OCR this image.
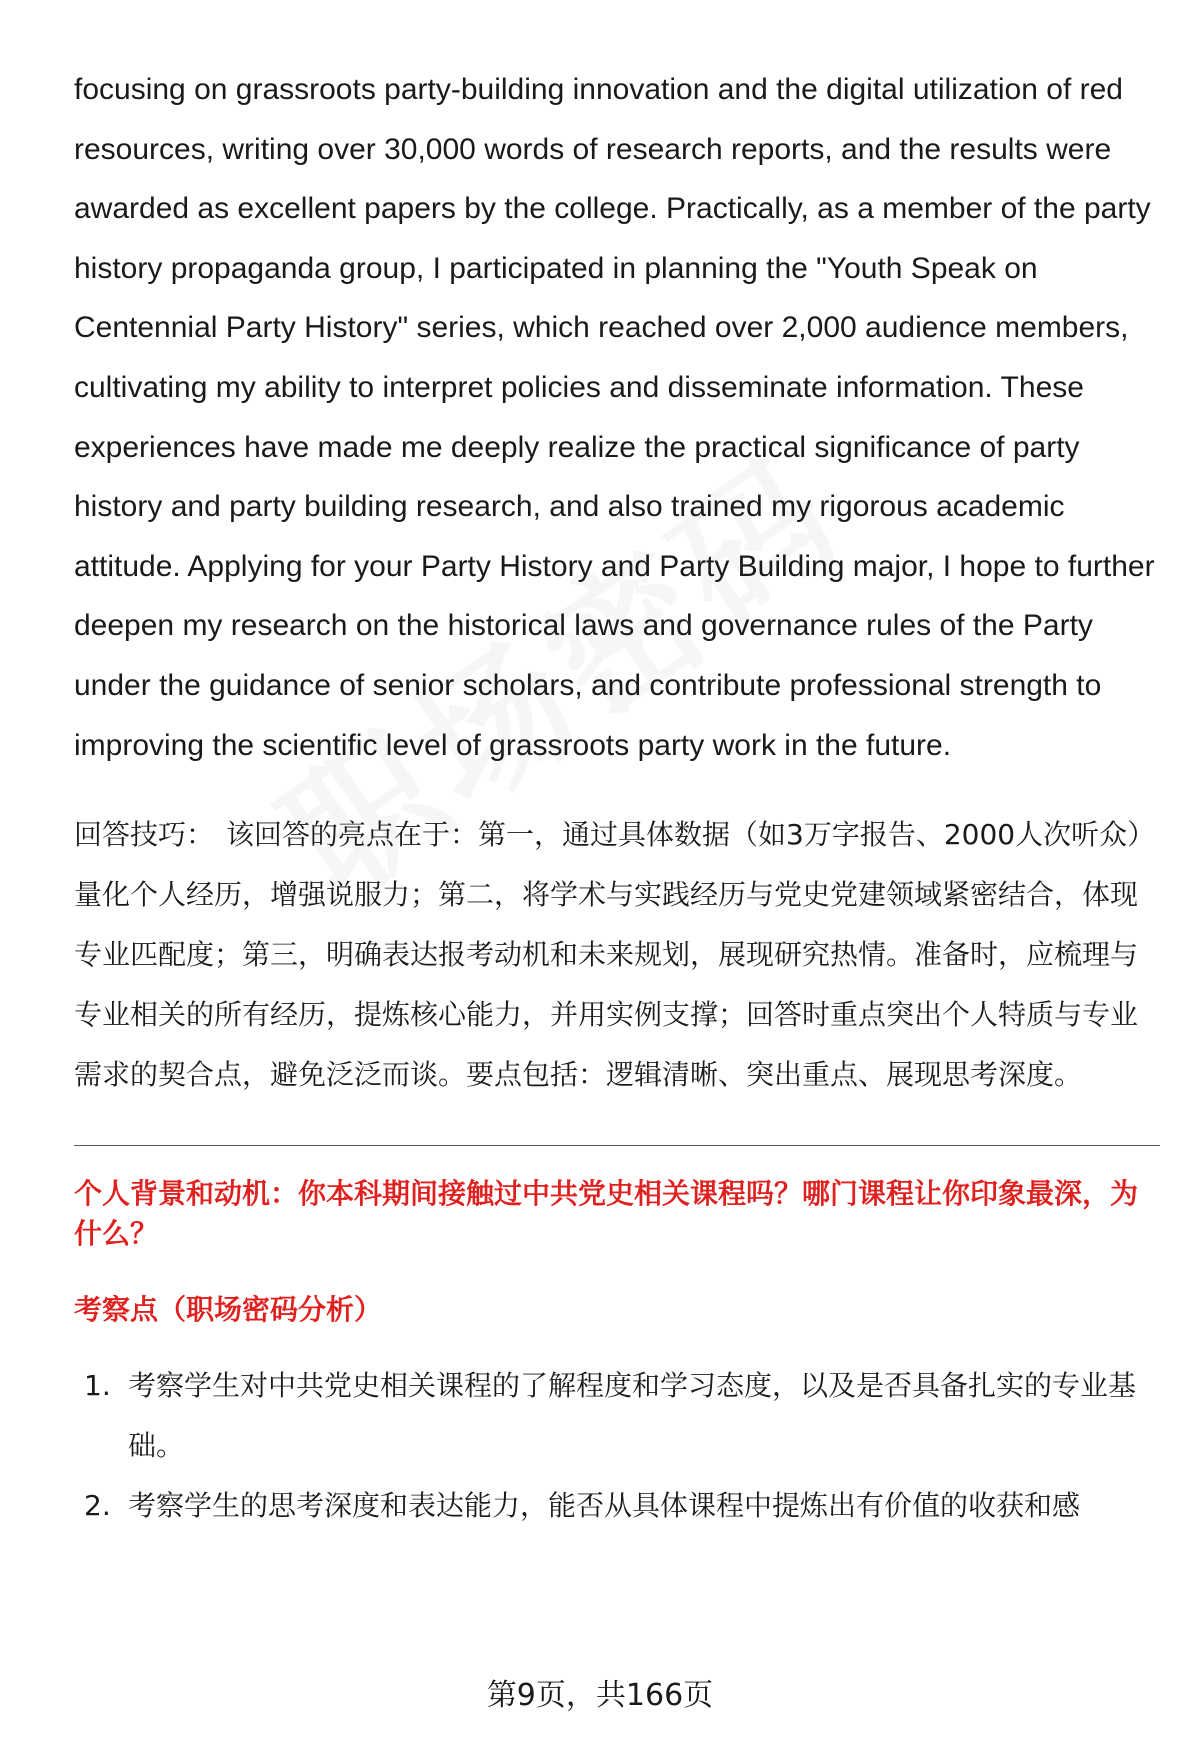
focusing on grassroots party-building innovation and the digital utilization of red resources, writing over 30,000 words of research reports, and the results were awarded as excellent papers by the college. Practically, as a member of the party history propaganda group, I participated in planning the "Youth Speak on Centennial Party History" series, which reached over 2,000 audience members, cultivating my ability to interpret policies and disseminate information. These experiences have made me deeply realize the practical significance of party history and party building research, and also trained my rigorous academic attitude. Applying for your Party History and Party Building major, I hope to further deepen my research on the historical laws and governance rules of the Party under the guidance of senior scholars, and contribute professional strength to improving the scientific level of grassroots party work in the future.

回答技巧： 该回答的亮点在于：第一，通过具体数据（如3万字报告、2000人次听众）量化个人经历，增强说服力；第二，将学术与实践经历与党史党建领域紧密结合，体现专业匹配度；第三，明确表达报考动机和未来规划，展现研究热情。准备时，应梳理与专业相关的所有经历，提炼核心能力，并用实例支撑；回答时重点突出个人特质与专业需求的契合点，避免泛泛而谈。要点包括：逻辑清晰、突出重点、展现思考深度。

个人背景和动机：你本科期间接触过中共党史相关课程吗？哪门课程让你印象最深，为什么？
考察点（职场密码分析）
1. 考察学生对中共党史相关课程的了解程度和学习态度，以及是否具备扎实的专业基础。
2. 考察学生的思考深度和表达能力，能否从具体课程中提炼出有价值的收获和感
第9页，共166页
